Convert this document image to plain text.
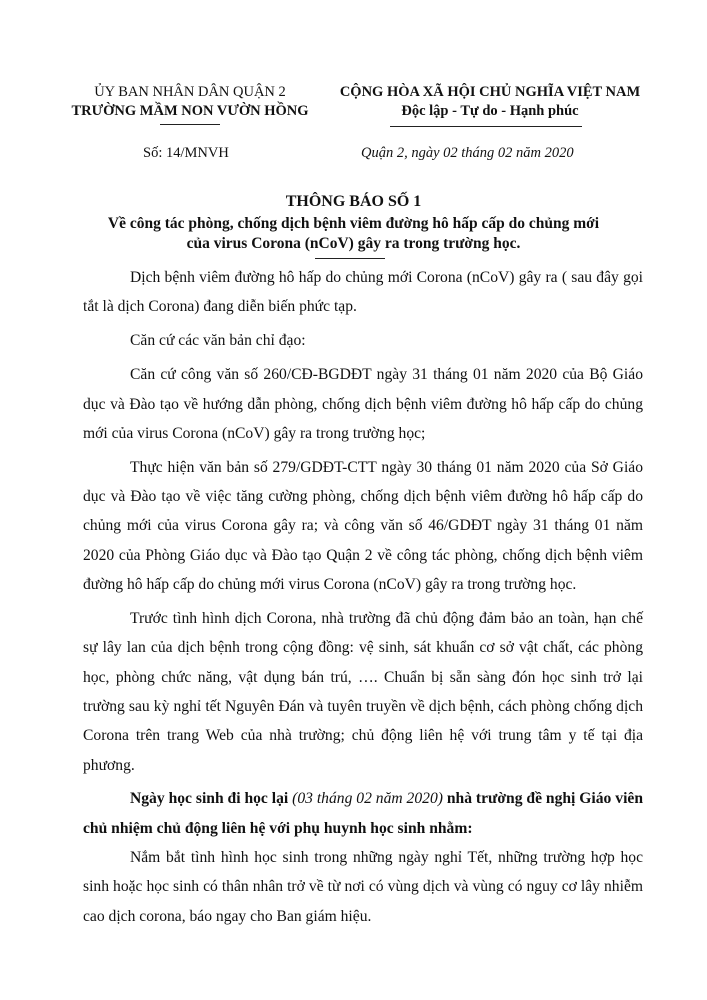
ỦY BAN NHÂN DÂN QUẬN 2
TRƯỜNG MẦM NON VƯỜN HỒNG
CỘNG HÒA XÃ HỘI CHỦ NGHĨA VIỆT NAM
Độc lập - Tự do - Hạnh phúc
Số: 14/MNVH	Quận 2, ngày 02 tháng 02 năm 2020
THÔNG BÁO SỐ 1
Về công tác phòng, chống dịch bệnh viêm đường hô hấp cấp do chủng mới
của virus Corona (nCoV) gây ra trong trường học.

Dịch bệnh viêm đường hô hấp do chủng mới Corona (nCoV) gây ra ( sau đây gọi tắt là dịch Corona) đang diễn biến phức tạp.

Căn cứ các văn bản chỉ đạo:

Căn cứ công văn số 260/CĐ-BGDĐT ngày 31 tháng 01 năm 2020 của Bộ Giáo dục và Đào tạo về hướng dẫn phòng, chống dịch bệnh viêm đường hô hấp cấp do chủng mới của virus Corona (nCoV) gây ra trong trường học;

Thực hiện văn bản số 279/GDĐT-CTT ngày 30 tháng 01 năm 2020 của Sở Giáo dục và Đào tạo về việc tăng cường phòng, chống dịch bệnh viêm đường hô hấp cấp do chủng mới của virus Corona gây ra; và công văn số 46/GDĐT ngày 31 tháng 01 năm 2020 của Phòng Giáo dục và Đào tạo Quận 2 về công tác phòng, chống dịch bệnh viêm đường hô hấp cấp do chủng mới virus Corona (nCoV) gây ra trong trường học.

Trước tình hình dịch Corona, nhà trường đã chủ động đảm bảo an toàn, hạn chế sự lây lan của dịch bệnh trong cộng đồng: vệ sinh, sát khuẩn cơ sở vật chất, các phòng học, phòng chức năng, vật dụng bán trú, …. Chuẩn bị sẵn sàng đón học sinh trở lại trường sau kỳ nghỉ tết Nguyên Đán và tuyên truyền về dịch bệnh, cách phòng chống dịch Corona trên trang Web của nhà trường; chủ động liên hệ với trung tâm y tế tại địa phương.

Ngày học sinh đi học lại (03 tháng 02 năm 2020) nhà trường đề nghị Giáo viên chủ nhiệm chủ động liên hệ với phụ huynh học sinh nhằm:

Nắm bắt tình hình học sinh trong những ngày nghỉ Tết, những trường hợp học sinh hoặc học sinh có thân nhân trở về từ nơi có vùng dịch và vùng có nguy cơ lây nhiễm cao dịch corona, báo ngay cho Ban giám hiệu.
